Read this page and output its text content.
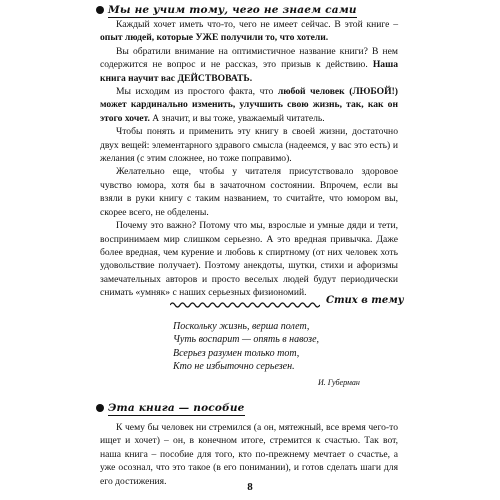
Мы не учим тому, чего не знаем сами

Каждый хочет иметь что-то, чего не имеет сейчас. В этой книге – опыт людей, которые УЖЕ получили то, что хотели.

Вы обратили внимание на оптимистичное название книги? В нем содержится не вопрос и не рассказ, это призыв к действию. Наша книга научит вас ДЕЙСТВОВАТЬ.

Мы исходим из простого факта, что любой человек (ЛЮБОЙ!) может кардинально изменить, улучшить свою жизнь, так, как он этого хочет. А значит, и вы тоже, уважаемый читатель.

Чтобы понять и применить эту книгу в своей жизни, достаточно двух вещей: элементарного здравого смысла (надеемся, у вас это есть) и желания (с этим сложнее, но тоже поправимо).

Желательно еще, чтобы у читателя присутствовало здоровое чувство юмора, хотя бы в зачаточном состоянии. Впрочем, если вы взяли в руки книгу с таким названием, то считайте, что юмором вы, скорее всего, не обделены.

Почему это важно? Потому что мы, взрослые и умные дяди и тети, воспринимаем мир слишком серьезно. А это вредная привычка. Даже более вредная, чем курение и любовь к спиртному (от них человек хоть удовольствие получает). Поэтому анекдоты, шутки, стихи и афоризмы замечательных авторов и просто веселых людей будут периодически снимать «умняк» с наших серьезных физиономий.

Стих в тему
Поскольку жизнь, верша полет,
Чуть воспарит — опять в навозе,
Всерьез разумен только тот,
Кто не избыточно серьезен.
И. Губерман
Эта книга — пособие

К чему бы человек ни стремился (а он, мятежный, все время чего-то ищет и хочет) – он, в конечном итоге, стремится к счастью. Так вот, наша книга – пособие для того, кто по-прежнему мечтает о счастье, а уже осознал, что это такое (в его понимании), и готов сделать шаги для его достижения.	8
